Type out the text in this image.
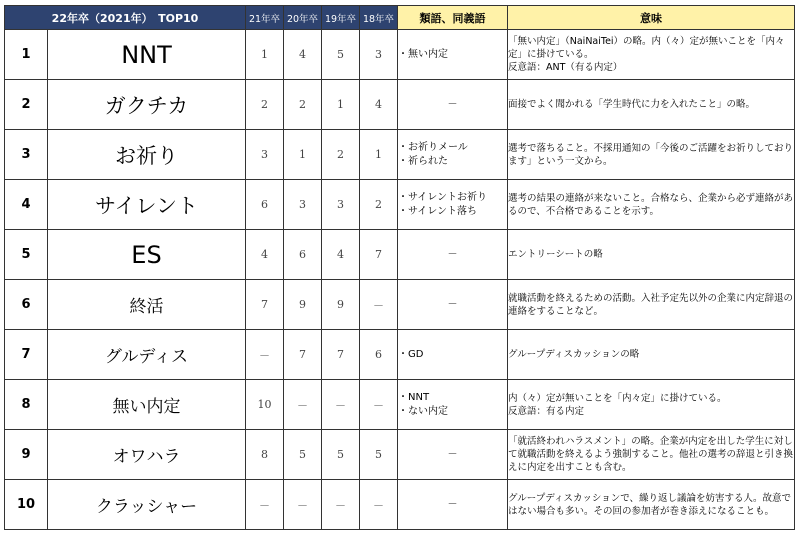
22年卒（2021年）　TOP10		21年卒	20年卒	19年卒	18年卒	類語、同義語	意味
1	NNT	1	4	5	3	・無い内定	「無い内定」（NaiNaiTei）の略。内（々）定が無いことを「内々定」に掛けている。
反意語：ANT（有る内定）

2	ガクチカ	2	2	1	4	－	面接でよく聞かれる「学生時代に力を入れたこと」の略。

3	お祈り	3	1	2	1	・お祈りメール
・祈られた	選考で落ちること。不採用通知の「今後のご活躍をお祈りしております」という一文から。

4	サイレント	6	3	3	2	・サイレントお祈り
・サイレント落ち	選考の結果の連絡が来ないこと。合格なら、企業から必ず連絡があるので、不合格であることを示す。

5	ES	4	6	4	7	－	エントリーシートの略

6	終活	7	9	9	－	－	就職活動を終えるための活動。入社予定先以外の企業に内定辞退の連絡をすることなど。

7	グルディス	－	7	7	6	・GD	グループディスカッションの略

8	無い内定	10	－	－	－	・NNT
・ない内定	内（々）定が無いことを「内々定」に掛けている。
反意語：有る内定

9	オワハラ	8	5	5	5	－	「就活終われハラスメント」の略。企業が内定を出した学生に対して就職活動を終えるよう強制すること。他社の選考の辞退と引き換えに内定を出すことも含む。

10	クラッシャー	－	－	－	－	－	グループディスカッションで、繰り返し議論を妨害する人。故意ではない場合も多い。その回の参加者が巻き添えになることも。
